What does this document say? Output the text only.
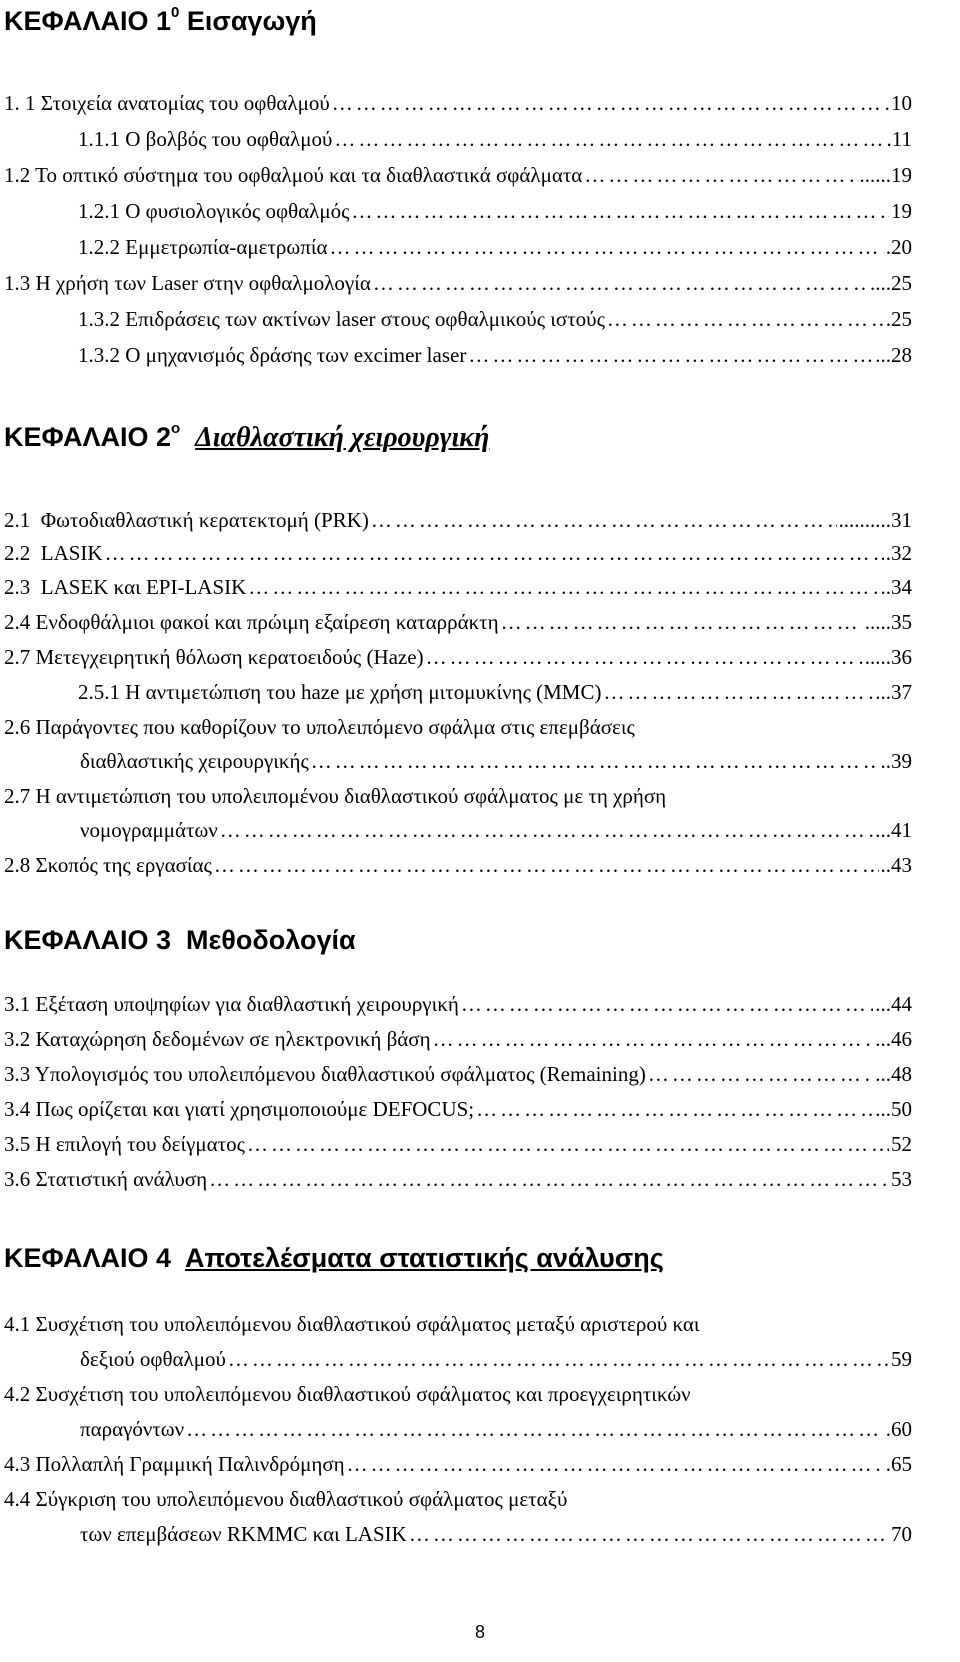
ΚΕΦΑΛΑΙΟ $1^0$ Εισαγωγή
1. 1 Στοιχεία ανατομίας του οφθαλμού …………………………………………………………………………………………………………………………………………………………………………………	10
1.1.1 Ο βολβός του οφθαλμού …………………………………………………………………………………………………………………………………………………………………………………	.11
1.2 Το οπτικό σύστημα του οφθαλμού και τα διαθλαστικά σφάλματα …………………………………………………………………………………………………………………………………………………………………………………	......19
1.2.1 Ο φυσιολογικός οφθαλμός …………………………………………………………………………………………………………………………………………………………………………………	19
1.2.2 Εμμετρωπία-αμετρωπία …………………………………………………………………………………………………………………………………………………………………………………	.20
1.3 Η χρήση των Laser στην οφθαλμολογία …………………………………………………………………………………………………………………………………………………………………………………	....25
1.3.2 Επιδράσεις των ακτίνων laser στους οφθαλμικούς ιστούς …………………………………………………………………………………………………………………………………………………………………………………	.25
1.3.2 Ο μηχανισμός δράσης των excimer laser …………………………………………………………………………………………………………………………………………………………………………………	...28
ΚΕΦΑΛΑΙΟ $2^o$ Διαθλαστική χειρουργική
2.1 Φωτοδιαθλαστική κερατεκτομή (PRK) …………………………………………………………………………………………………………………………………………………………………………………	..........31
2.2 LASIK …………………………………………………………………………………………………………………………………………………………………………………	.32
2.3 LASEK και EPI-LASIK …………………………………………………………………………………………………………………………………………………………………………………	..34
2.4 Ενδοφθάλμιοι φακοί και πρώιμη εξαίρεση καταρράκτη …………………………………………………………………………………………………………………………………………………………………………………	.....35
2.7 Μετεγχειρητική θόλωση κερατοειδούς (Haze) …………………………………………………………………………………………………………………………………………………………………………………	.....36
2.5.1 Η αντιμετώπιση του haze με χρήση μιτομυκίνης (MMC) …………………………………………………………………………………………………………………………………………………………………………………	..37
2.6 Παράγοντες που καθορίζουν το υπολειπόμενο σφάλμα στις επεμβάσεις
διαθλαστικής χειρουργικής …………………………………………………………………………………………………………………………………………………………………………………	..39
2.7 Η αντιμετώπιση του υπολειπομένου διαθλαστικού σφάλματος με τη χρήση
νομογραμμάτων …………………………………………………………………………………………………………………………………………………………………………………	...41
2.8 Σκοπός της εργασίας …………………………………………………………………………………………………………………………………………………………………………………	..43
ΚΕΦΑΛΑΙΟ 3 Μεθοδολογία
3.1 Εξέταση υποψηφίων για διαθλαστική χειρουργική …………………………………………………………………………………………………………………………………………………………………………………	...44
3.2 Καταχώρηση δεδομένων σε ηλεκτρονική βάση …………………………………………………………………………………………………………………………………………………………………………………	...46
3.3 Υπολογισμός του υπολειπόμενου διαθλαστικού σφάλματος (Remaining) …………………………………………………………………………………………………………………………………………………………………………………	...48
3.4 Πως ορίζεται και γιατί χρησιμοποιούμε DEFOCUS; …………………………………………………………………………………………………………………………………………………………………………………	...50
3.5 Η επιλογή του δείγματος …………………………………………………………………………………………………………………………………………………………………………………	52
3.6 Στατιστική ανάλυση …………………………………………………………………………………………………………………………………………………………………………………	53
ΚΕΦΑΛΑΙΟ 4 Αποτελέσματα στατιστικής ανάλυσης
4.1 Συσχέτιση του υπολειπόμενου διαθλαστικού σφάλματος μεταξύ αριστερού και
δεξιού οφθαλμού …………………………………………………………………………………………………………………………………………………………………………………	59
4.2 Συσχέτιση του υπολειπόμενου διαθλαστικού σφάλματος και προεγχειρητικών
παραγόντων …………………………………………………………………………………………………………………………………………………………………………………	.60
4.3 Πολλαπλή Γραμμική Παλινδρόμηση …………………………………………………………………………………………………………………………………………………………………………………	.65
4.4 Σύγκριση του υπολειπόμενου διαθλαστικού σφάλματος μεταξύ
των επεμβάσεων RKMMC και LASIK …………………………………………………………………………………………………………………………………………………………………………………	70
8
